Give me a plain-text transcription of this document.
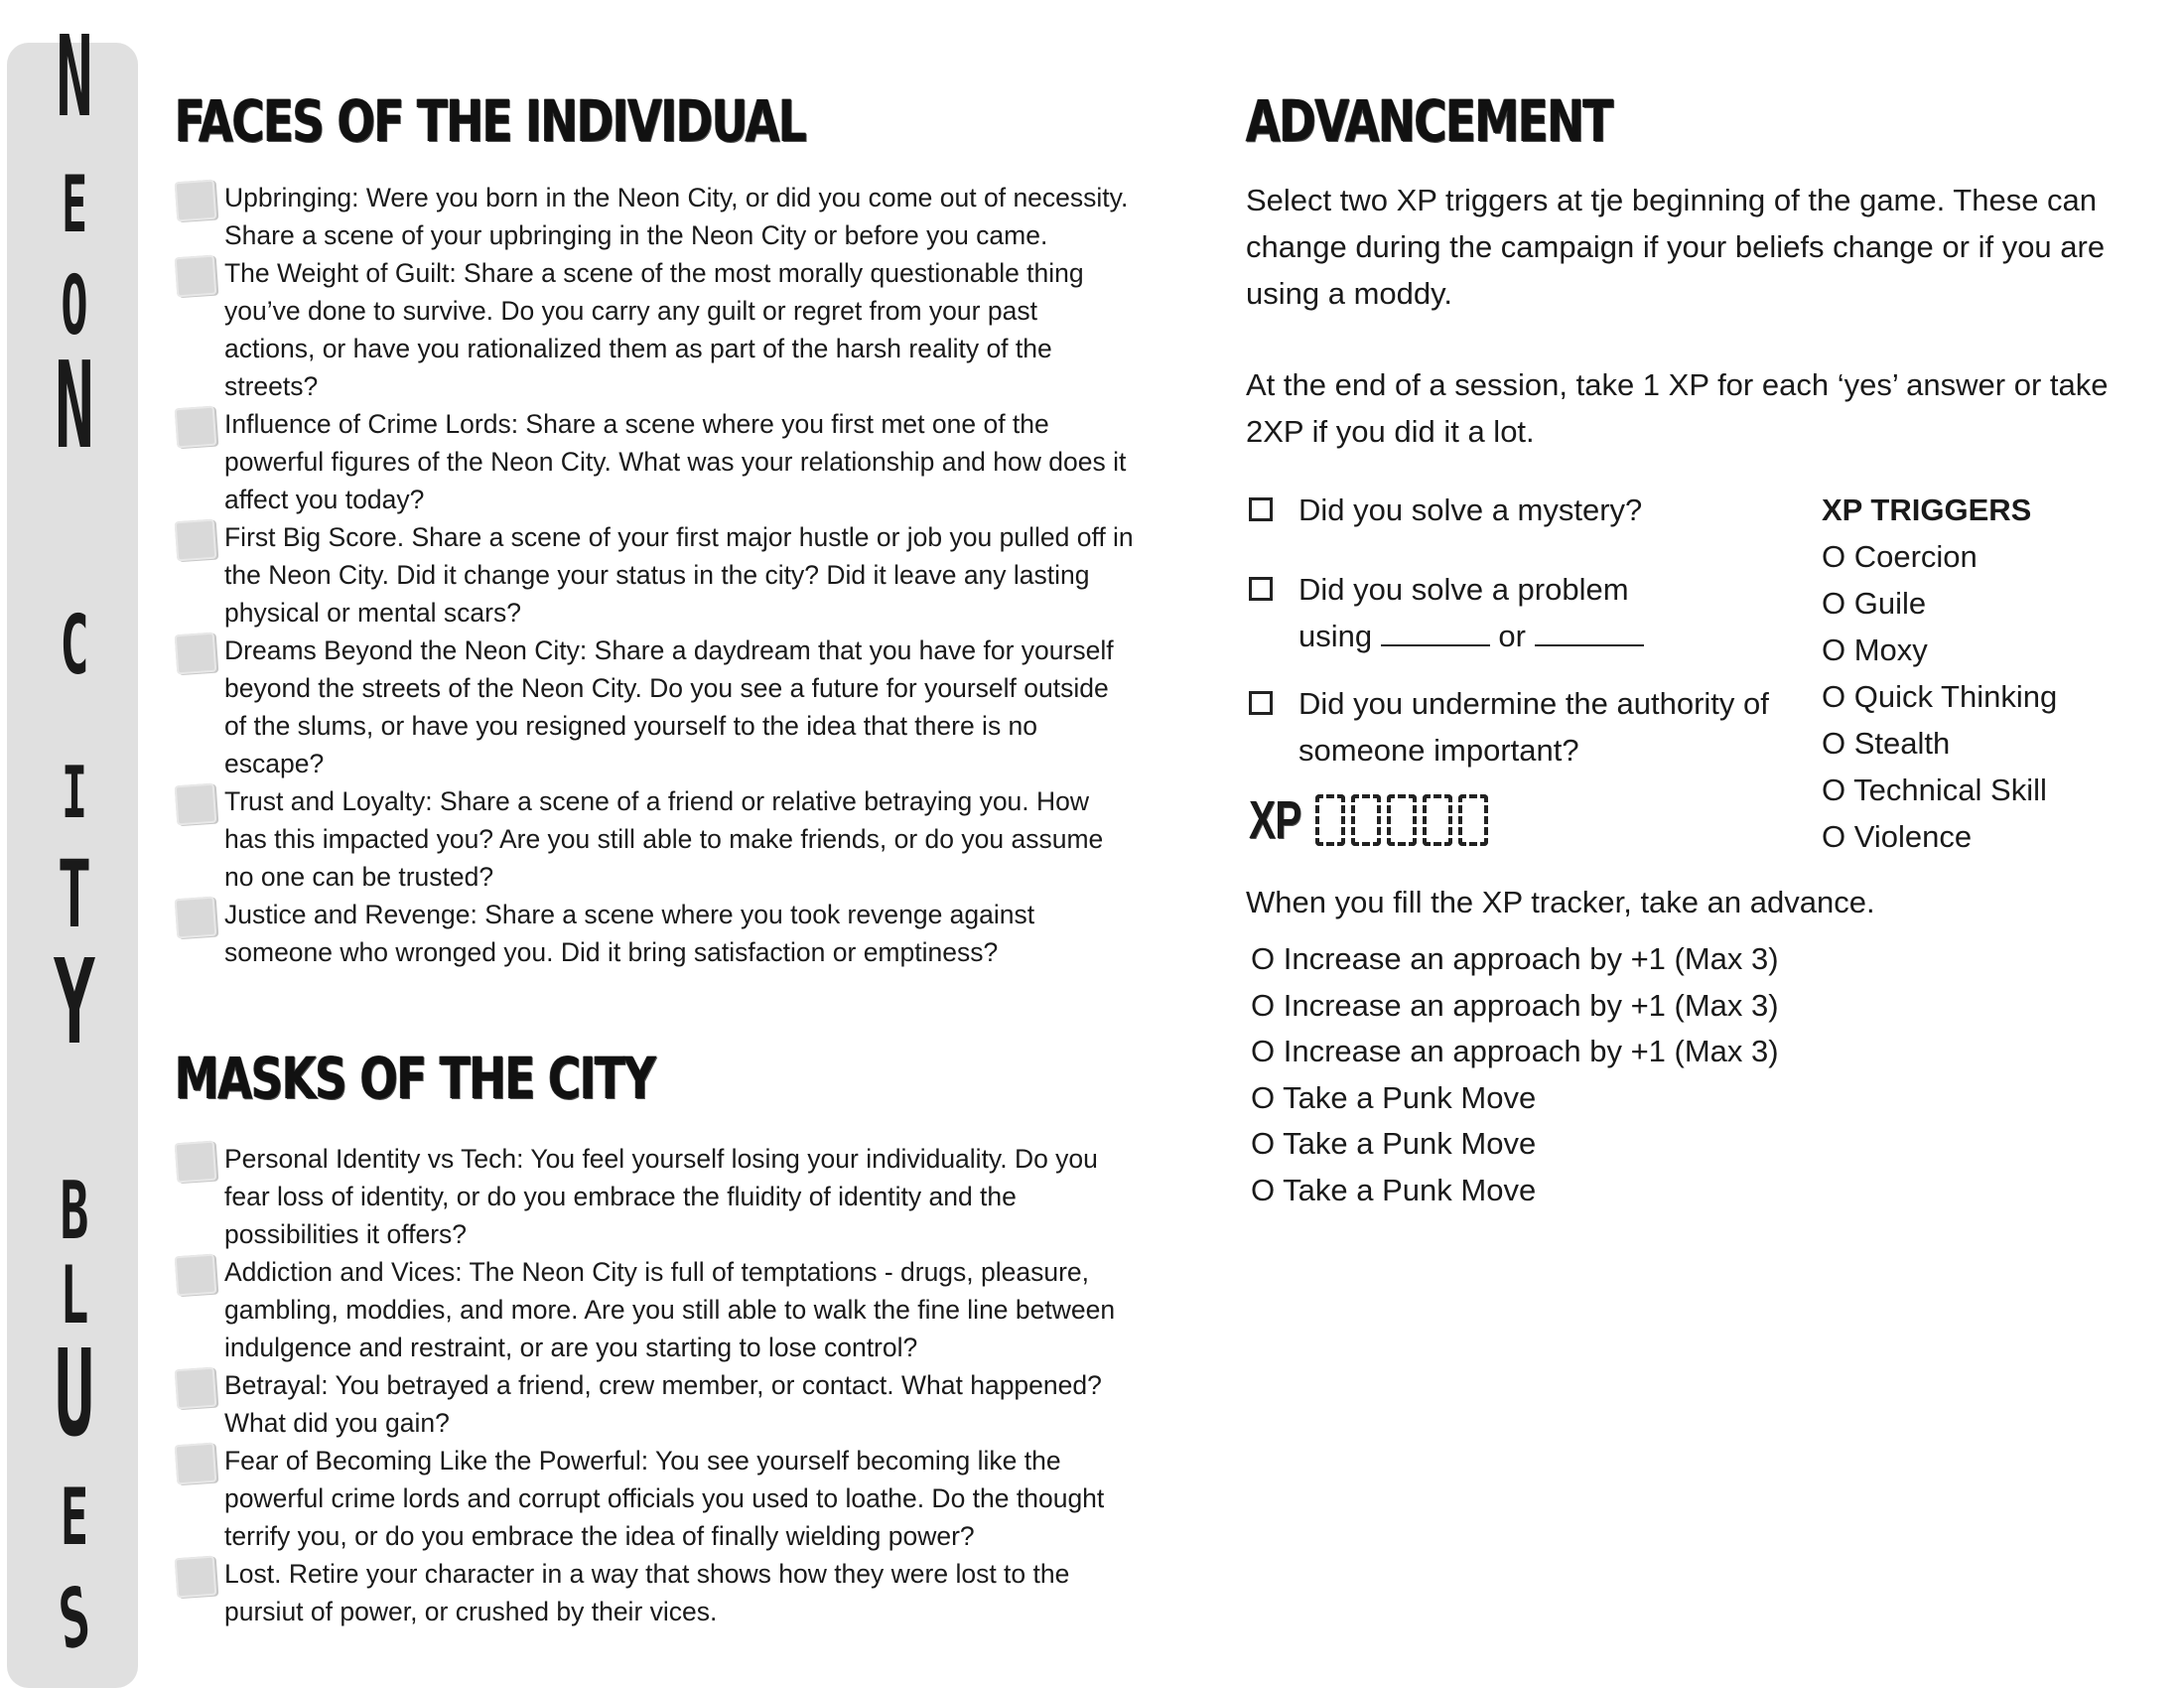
N
E
O
N
C
I
T
Y
B
L
U
E
S
FACES OF THE INDIVIDUAL
Upbringing: Were you born in the Neon City, or did you come out of necessity. Share a scene of your upbringing in the Neon City or before you came.
The Weight of Guilt: Share a scene of the most morally questionable thing you’ve done to survive. Do you carry any guilt or regret from your past actions, or have you rationalized them as part of the harsh reality of the streets?
Influence of Crime Lords: Share a scene where you first met one of the powerful figures of the Neon City. What was your relationship and how does it affect you today?
First Big Score. Share a scene of your first major hustle or job you pulled off in the Neon City. Did it change your status in the city? Did it leave any lasting physical or mental scars?
Dreams Beyond the Neon City: Share a daydream that you have for yourself beyond the streets of the Neon City. Do you see a future for yourself outside of the slums, or have you resigned yourself to the idea that there is no escape?
Trust and Loyalty: Share a scene of a friend or relative betraying you. How has this impacted you? Are you still able to make friends, or do you assume no one can be trusted?
Justice and Revenge: Share a scene where you took revenge against someone who wronged you. Did it bring satisfaction or emptiness?
MASKS OF THE CITY
Personal Identity vs Tech: You feel yourself losing your individuality. Do you fear loss of identity, or do you embrace the fluidity of identity and the possibilities it offers?
Addiction and Vices: The Neon City is full of temptations - drugs, pleasure, gambling, moddies, and more. Are you still able to walk the fine line between indulgence and restraint, or are you starting to lose control?
Betrayal: You betrayed a friend, crew member, or contact. What happened? What did you gain?
Fear of Becoming Like the Powerful: You see yourself becoming like the powerful crime lords and corrupt officials you used to loathe. Do the thought terrify you, or do you embrace the idea of finally wielding power?
Lost. Retire your character in a way that shows how they were lost to the pursiut of power, or crushed by their vices.
ADVANCEMENT

Select two XP triggers at tje beginning of the game. These can change during the campaign if your beliefs change or if you are using a moddy.

At the end of a session, take 1 XP for each ‘yes’ answer or take 2XP if you did it a lot.

Did you solve a mystery?
Did you solve a problem
using	or
Did you undermine the authority of someone important?

XP TRIGGERS

O Coercion

O Guile

O Moxy

O Quick Thinking

O Stealth

O Technical Skill

O Violence

XP

When you fill the XP tracker, take an advance.

O Increase an approach by +1 (Max 3)
O Increase an approach by +1 (Max 3)
O Increase an approach by +1 (Max 3)
O Take a Punk Move
O Take a Punk Move
O Take a Punk Move
